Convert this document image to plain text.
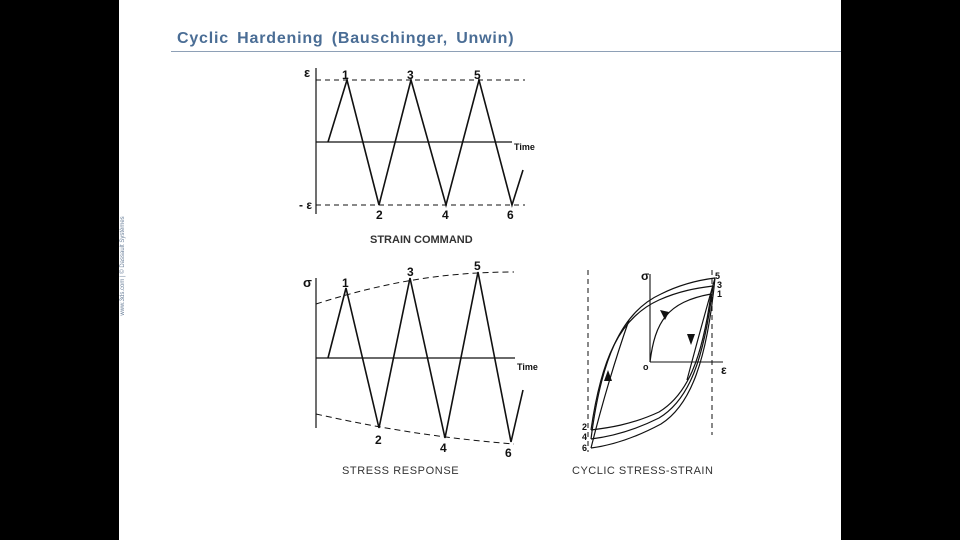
Cyclic Hardening (Bauschinger, Unwin)
www.3ds.com | © Dassault Systèmes
ε
- ε
Time
1	3	5
2	4	6
STRAIN COMMAND
σ
Time
1
3	5
2
4	6
STRESS RESPONSE
σ
ε
o
5
3
1
2
4
6
CYCLIC STRESS-STRAIN
